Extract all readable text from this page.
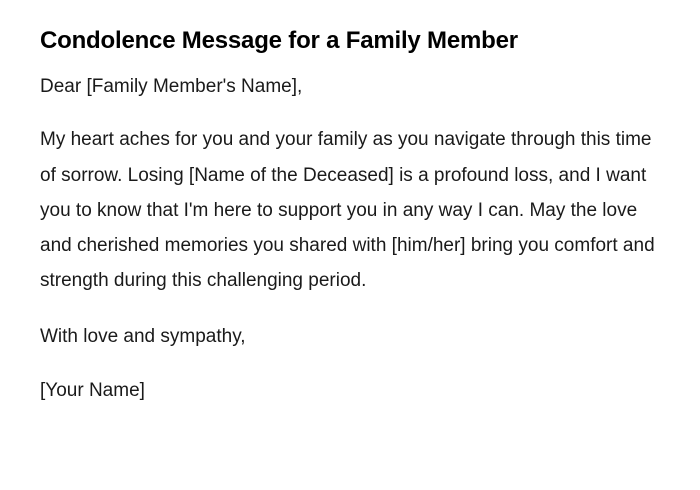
Condolence Message for a Family Member

Dear [Family Member's Name],

My heart aches for you and your family as you navigate through this time of sorrow. Losing [Name of the Deceased] is a profound loss, and I want you to know that I'm here to support you in any way I can. May the love and cherished memories you shared with [him/her] bring you comfort and strength during this challenging period.

With love and sympathy,

[Your Name]
